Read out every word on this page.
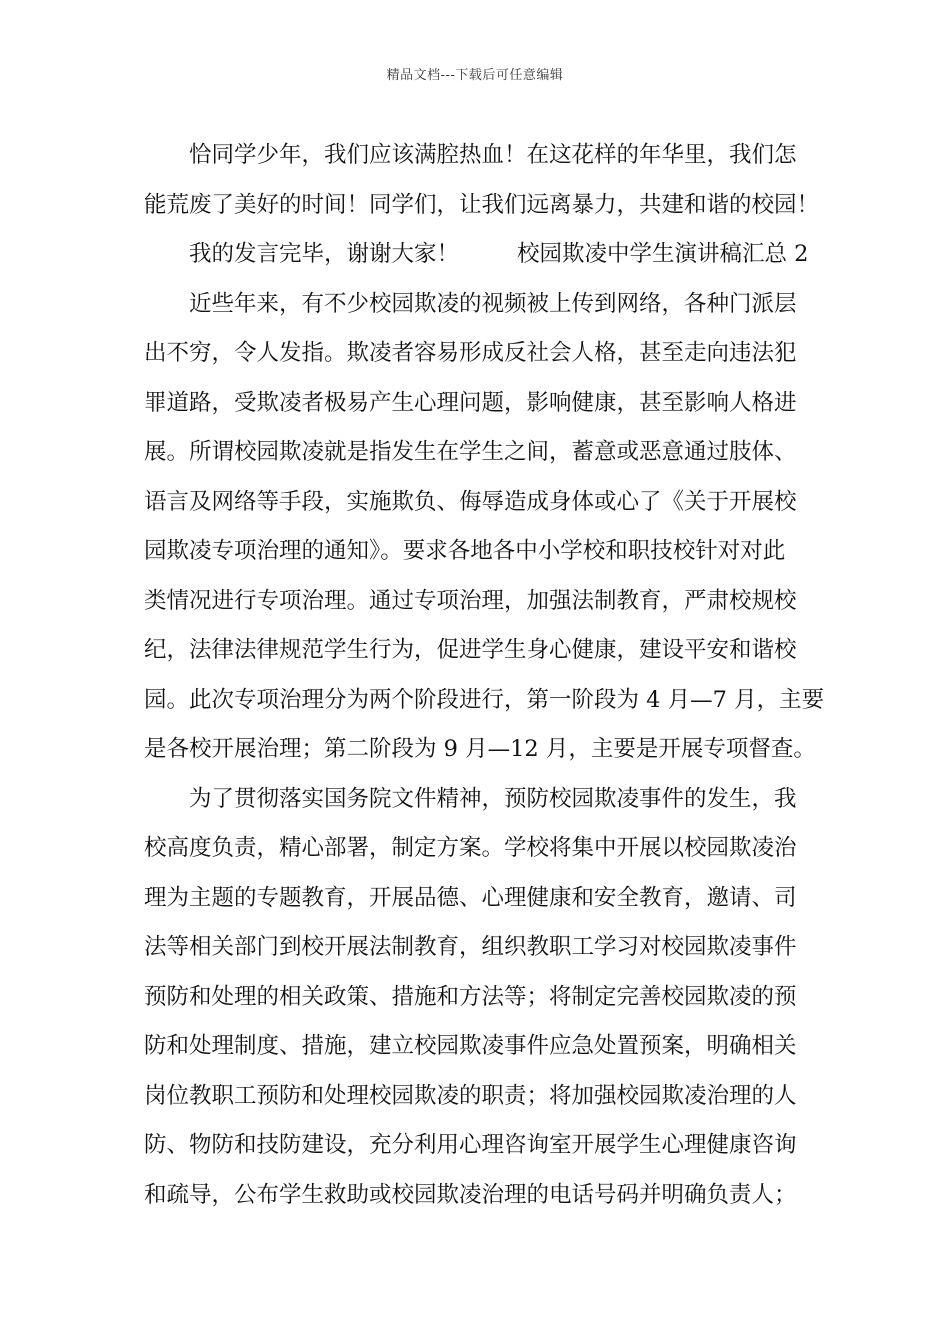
精品文档---下载后可任意编辑
恰同学少年，我们应该满腔热血！在这花样的年华里，我们怎
能荒废了美好的时间！同学们，让我们远离暴力，共建和谐的校园！
我的发言完毕，谢谢大家！	校园欺凌中学生演讲稿汇总 2
近些年来，有不少校园欺凌的视频被上传到网络，各种门派层
出不穷，令人发指。欺凌者容易形成反社会人格，甚至走向违法犯
罪道路，受欺凌者极易产生心理问题，影响健康，甚至影响人格进
展。所谓校园欺凌就是指发生在学生之间，蓄意或恶意通过肢体、
语言及网络等手段，实施欺负、侮辱造成身体或心了《关于开展校
园欺凌专项治理的通知》。要求各地各中小学校和职技校针对对此
类情况进行专项治理。通过专项治理，加强法制教育，严肃校规校
纪，法律法律规范学生行为，促进学生身心健康，建设平安和谐校
园。此次专项治理分为两个阶段进行，第一阶段为 4 月—7 月，主要
是各校开展治理；第二阶段为 9 月—12 月，主要是开展专项督查。
为了贯彻落实国务院文件精神，预防校园欺凌事件的发生，我
校高度负责，精心部署，制定方案。学校将集中开展以校园欺凌治
理为主题的专题教育，开展品德、心理健康和安全教育，邀请、司
法等相关部门到校开展法制教育，组织教职工学习对校园欺凌事件
预防和处理的相关政策、措施和方法等；将制定完善校园欺凌的预
防和处理制度、措施，建立校园欺凌事件应急处置预案，明确相关
岗位教职工预防和处理校园欺凌的职责；将加强校园欺凌治理的人
防、物防和技防建设，充分利用心理咨询室开展学生心理健康咨询
和疏导，公布学生救助或校园欺凌治理的电话号码并明确负责人；
